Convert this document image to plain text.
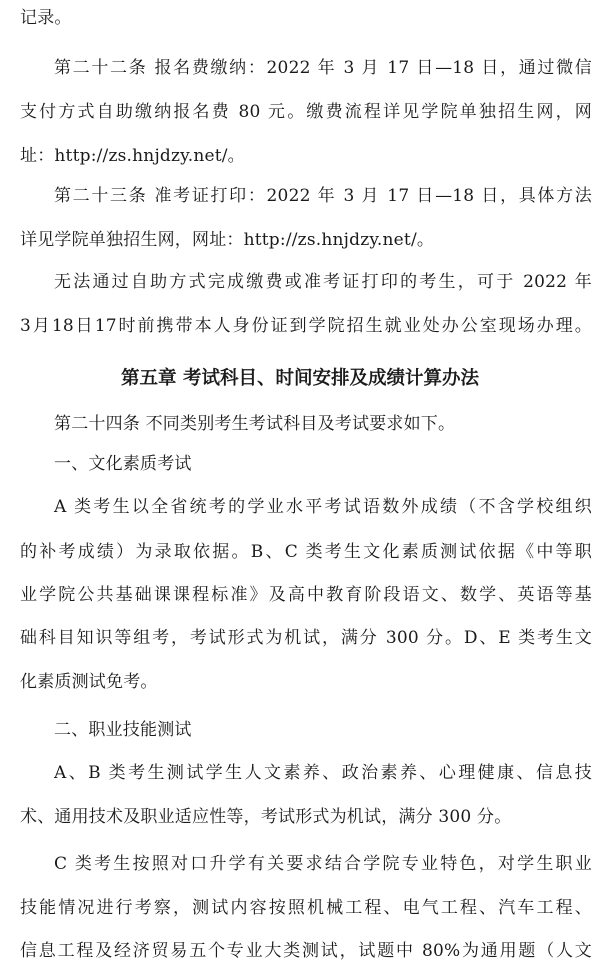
记录。
第二十二条 报名费缴纳：2022 年 3 月 17 日—18 日，通过微信
支付方式自助缴纳报名费 80 元。缴费流程详见学院单独招生网，网
址：http://zs.hnjdzy.net/。
第二十三条 准考证打印：2022 年 3 月 17 日—18 日，具体方法
详见学院单独招生网，网址：http://zs.hnjdzy.net/。
无法通过自助方式完成缴费或准考证打印的考生，可于 2022 年
3月18日17时前携带本人身份证到学院招生就业处办公室现场办理。
第五章 考试科目、时间安排及成绩计算办法
第二十四条 不同类别考生考试科目及考试要求如下。
一、文化素质考试
A 类考生以全省统考的学业水平考试语数外成绩（不含学校组织
的补考成绩）为录取依据。B、C 类考生文化素质测试依据《中等职
业学院公共基础课课程标准》及高中教育阶段语文、数学、英语等基
础科目知识等组考，考试形式为机试，满分 300 分。D、E 类考生文
化素质测试免考。
二、职业技能测试
A、B 类考生测试学生人文素养、政治素养、心理健康、信息技
术、通用技术及职业适应性等，考试形式为机试，满分 300 分。
C 类考生按照对口升学有关要求结合学院专业特色，对学生职业
技能情况进行考察，测试内容按照机械工程、电气工程、汽车工程、
信息工程及经济贸易五个专业大类测试，试题中 80%为通用题（人文
